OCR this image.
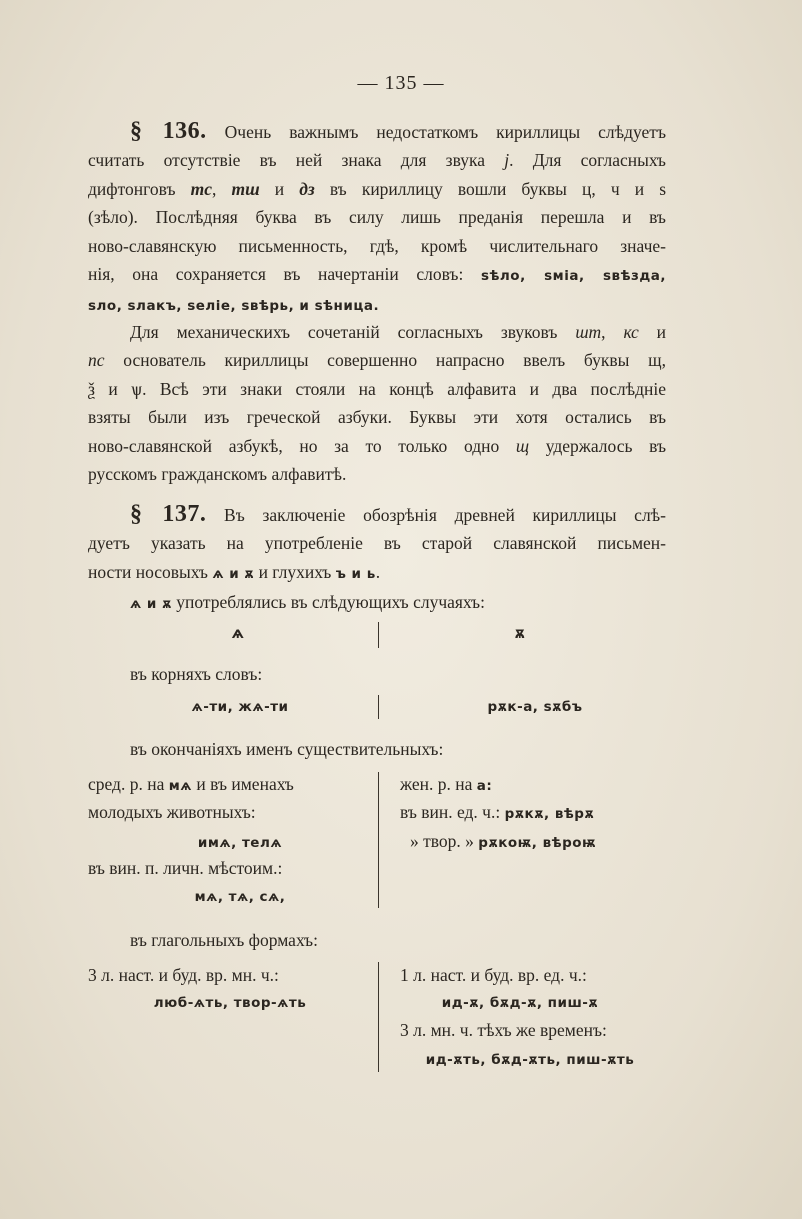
— 135 —

§ 136. Очень важнымъ недостаткомъ кириллицы слѣдуетъ

считать отсутствіе въ ней знака для звука j. Для согласныхъ

дифтонговъ тс, тш и дз въ кириллицу вошли буквы ц, ч и s

(зѣло). Послѣдняя буква въ силу лишь преданія перешла и въ

ново-славянскую письменность, гдѣ, кромѣ числительнаго значе-

нія, она сохраняется въ начертаніи словъ: sѣло, sміа, sвѣзда,

sло, sлакъ, sеліе, sвѣрь, и sѣница.

Для механическихъ сочетаній согласныхъ звуковъ шт, кс и

пс основатель кириллицы совершенно напрасно ввелъ буквы щ,

ѯ и ѱ. Всѣ эти знаки стояли на концѣ алфавита и два послѣдніе

взяты были изъ греческой азбуки. Буквы эти хотя остались въ

ново-славянской азбукѣ, но за то только одно щ удержалось въ

русскомъ гражданскомъ алфавитѣ.

§ 137. Въ заключеніе обозрѣнія древней кириллицы слѣ-

дуетъ указать на употребленіе въ старой славянской письмен-

ности носовыхъ ѧ и ѫ и глухихъ ъ и ь.

ѧ и ѫ употреблялись въ слѣдующихъ случаяхъ:

ѧ	ѫ
въ корняхъ словъ:
ѧ-ти, жѧ-ти	рѫк-а, ѕѫбъ
въ окончаніяхъ именъ существительныхъ:
сред. р. на мѧ и въ именахъ
молодыхъ животныхъ:
имѧ, телѧ
въ вин. п. личн. мѣстоим.:
мѧ, тѧ, сѧ,
жен. р. на а:
въ вин. ед. ч.: рѫкѫ, вѣрѫ
» твор. » рѫкоѭ, вѣроѭ
въ глагольныхъ формахъ:
3 л. наст. и буд. вр. мн. ч.:
люб-ѧть, твор-ѧть
1 л. наст. и буд. вр. ед. ч.:
ид-ѫ, бѫд-ѫ, пиш-ѫ
3 л. мн. ч. тѣхъ же временъ:
ид-ѫть, бѫд-ѫть, пиш-ѫть
